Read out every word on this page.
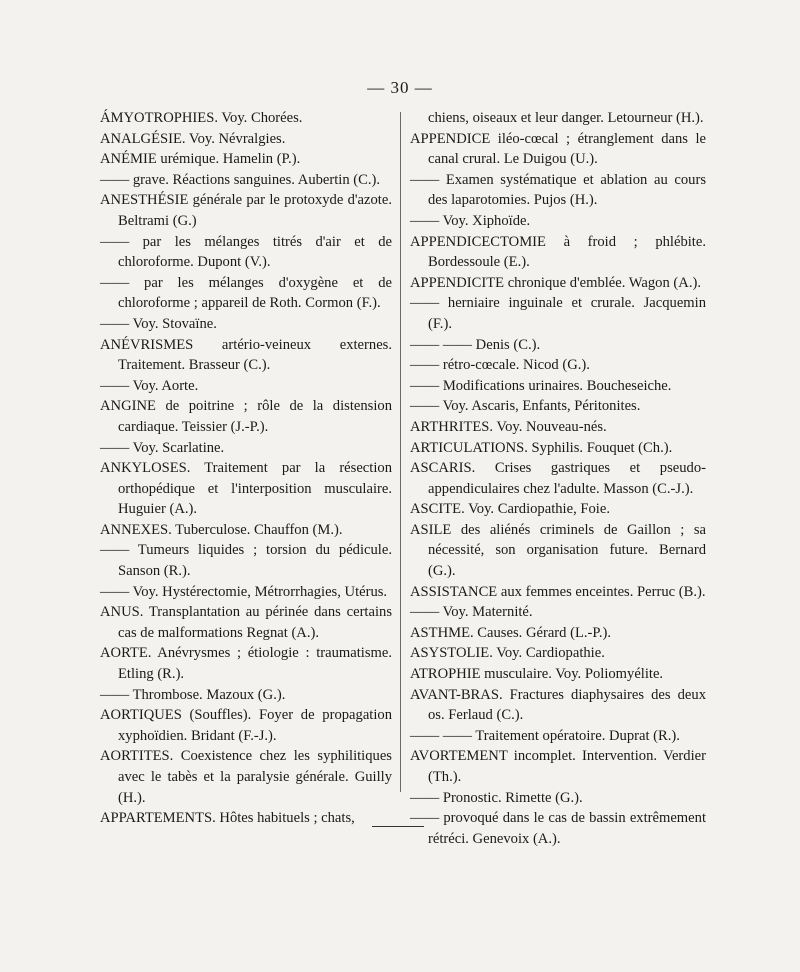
— 30 —

ÁMYOTROPHIES. Voy. Chorées.

ANALGÉSIE. Voy. Névralgies.

ANÉMIE urémique. Hamelin (P.).

—— grave. Réactions sanguines. Aubertin (C.).

ANESTHÉSIE générale par le protoxyde d'azote. Beltrami (G.)

—— par les mélanges titrés d'air et de chloroforme. Dupont (V.).

—— par les mélanges d'oxygène et de chloroforme ; appareil de Roth. Cormon (F.).

—— Voy. Stovaïne.

ANÉVRISMES artério-veineux externes. Traitement. Brasseur (C.).

—— Voy. Aorte.

ANGINE de poitrine ; rôle de la distension cardiaque. Teissier (J.-P.).

—— Voy. Scarlatine.

ANKYLOSES. Traitement par la résection orthopédique et l'interposition musculaire. Huguier (A.).

ANNEXES. Tuberculose. Chauffon (M.).

—— Tumeurs liquides ; torsion du pédicule. Sanson (R.).

—— Voy. Hystérectomie, Métrorrhagies, Utérus.

ANUS. Transplantation au périnée dans certains cas de malformations Regnat (A.).

AORTE. Anévrysmes ; étiologie : traumatisme. Etling (R.).

—— Thrombose. Mazoux (G.).

AORTIQUES (Souffles). Foyer de propagation xyphoïdien. Bridant (F.-J.).

AORTITES. Coexistence chez les syphilitiques avec le tabès et la paralysie générale. Guilly (H.).

APPARTEMENTS. Hôtes habituels ; chats,

chiens, oiseaux et leur danger. Letourneur (H.).

APPENDICE iléo-cœcal ; étranglement dans le canal crural. Le Duigou (U.).

—— Examen systématique et ablation au cours des laparotomies. Pujos (H.).

—— Voy. Xiphoïde.

APPENDICECTOMIE à froid ; phlébite. Bordessoule (E.).

APPENDICITE chronique d'emblée. Wagon (A.).

—— herniaire inguinale et crurale. Jacquemin (F.).

—— —— Denis (C.).

—— rétro-cœcale. Nicod (G.).

—— Modifications urinaires. Boucheseiche.

—— Voy. Ascaris, Enfants, Péritonites.

ARTHRITES. Voy. Nouveau-nés.

ARTICULATIONS. Syphilis. Fouquet (Ch.).

ASCARIS. Crises gastriques et pseudo-appendiculaires chez l'adulte. Masson (C.-J.).

ASCITE. Voy. Cardiopathie, Foie.

ASILE des aliénés criminels de Gaillon ; sa nécessité, son organisation future. Bernard (G.).

ASSISTANCE aux femmes enceintes. Perruc (B.).

—— Voy. Maternité.

ASTHME. Causes. Gérard (L.-P.).

ASYSTOLIE. Voy. Cardiopathie.

ATROPHIE musculaire. Voy. Poliomyélite.

AVANT-BRAS. Fractures diaphysaires des deux os. Ferlaud (C.).

—— —— Traitement opératoire. Duprat (R.).

AVORTEMENT incomplet. Intervention. Verdier (Th.).

—— Pronostic. Rimette (G.).

—— provoqué dans le cas de bassin extrêmement rétréci. Genevoix (A.).
